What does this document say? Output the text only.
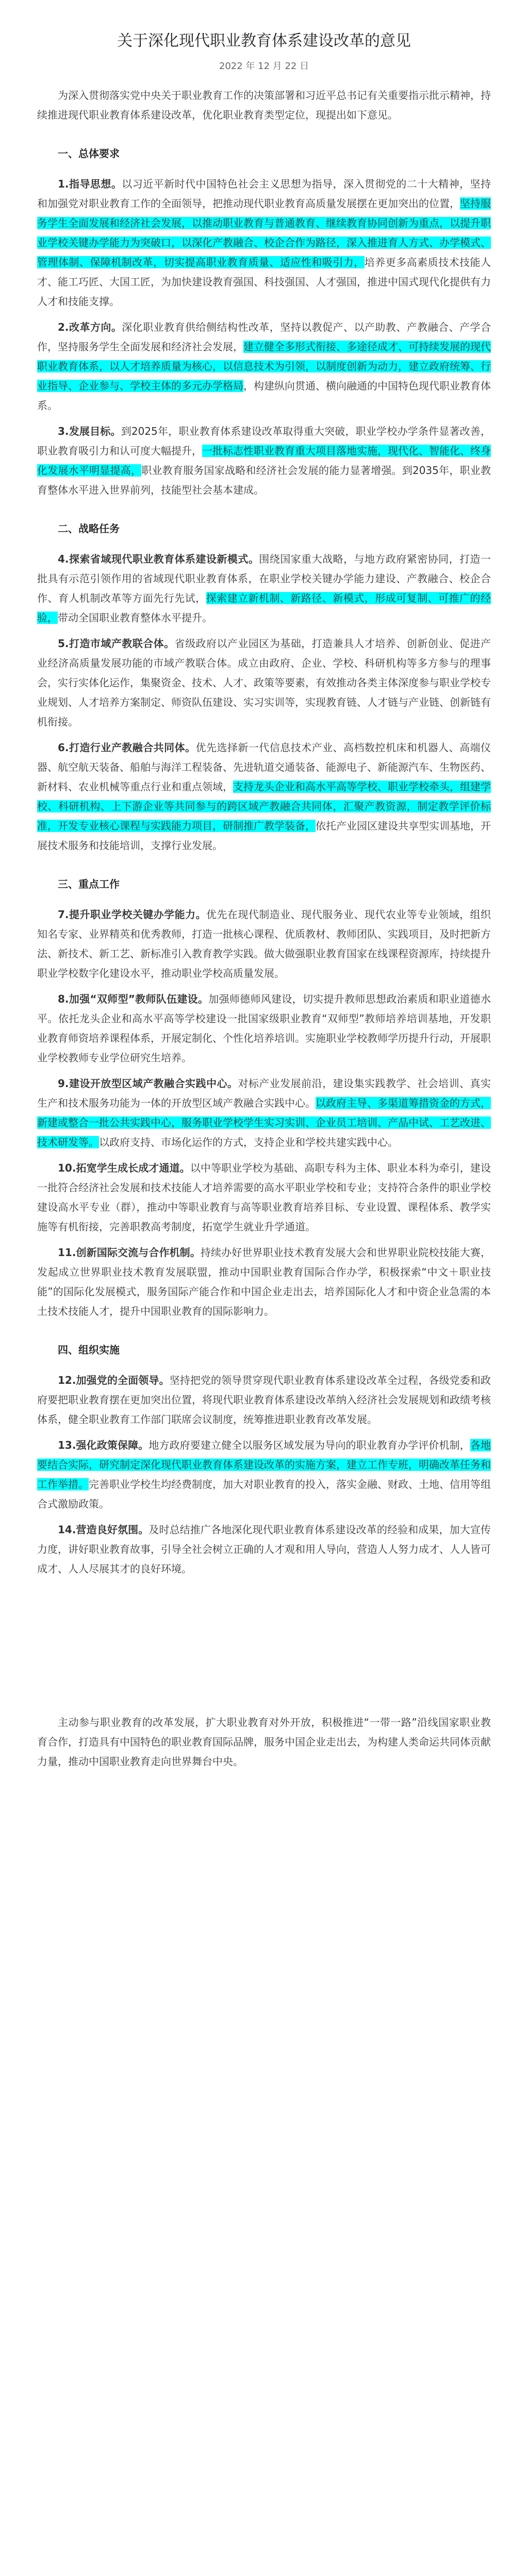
关于深化现代职业教育体系建设改革的意见
2022 年 12 月 22 日

为深入贯彻落实党中央关于职业教育工作的决策部署和习近平总书记有关重要指示批示精神，持续推进现代职业教育体系建设改革，优化职业教育类型定位，现提出如下意见。

一、总体要求

1.指导思想。以习近平新时代中国特色社会主义思想为指导，深入贯彻党的二十大精神，坚持和加强党对职业教育工作的全面领导，把推动现代职业教育高质量发展摆在更加突出的位置，坚持服务学生全面发展和经济社会发展，以推动职业教育与普通教育、继续教育协同创新为重点，以提升职业学校关键办学能力为突破口，以深化产教融合、校企合作为路径，深入推进育人方式、办学模式、管理体制、保障机制改革，切实提高职业教育质量、适应性和吸引力，培养更多高素质技术技能人才、能工巧匠、大国工匠，为加快建设教育强国、科技强国、人才强国，推进中国式现代化提供有力人才和技能支撑。

2.改革方向。深化职业教育供给侧结构性改革，坚持以教促产、以产助教、产教融合、产学合作，坚持服务学生全面发展和经济社会发展，建立健全多形式衔接、多途径成才、可持续发展的现代职业教育体系，以人才培养质量为核心，以信息技术为引领，以制度创新为动力，建立政府统筹、行业指导、企业参与、学校主体的多元办学格局，构建纵向贯通、横向融通的中国特色现代职业教育体系。

3.发展目标。到2025年，职业教育体系建设改革取得重大突破，职业学校办学条件显著改善，职业教育吸引力和认可度大幅提升，一批标志性职业教育重大项目落地实施，现代化、智能化、终身化发展水平明显提高，职业教育服务国家战略和经济社会发展的能力显著增强。到2035年，职业教育整体水平进入世界前列，技能型社会基本建成。

二、战略任务

4.探索省域现代职业教育体系建设新模式。围绕国家重大战略，与地方政府紧密协同，打造一批具有示范引领作用的省域现代职业教育体系，在职业学校关键办学能力建设、产教融合、校企合作、育人机制改革等方面先行先试，探索建立新机制、新路径、新模式，形成可复制、可推广的经验，带动全国职业教育整体水平提升。

5.打造市域产教联合体。省级政府以产业园区为基础，打造兼具人才培养、创新创业、促进产业经济高质量发展功能的市域产教联合体。成立由政府、企业、学校、科研机构等多方参与的理事会，实行实体化运作，集聚资金、技术、人才、政策等要素，有效推动各类主体深度参与职业学校专业规划、人才培养方案制定、师资队伍建设、实习实训等，实现教育链、人才链与产业链、创新链有机衔接。

6.打造行业产教融合共同体。优先选择新一代信息技术产业、高档数控机床和机器人、高端仪器、航空航天装备、船舶与海洋工程装备、先进轨道交通装备、能源电子、新能源汽车、生物医药、新材料、农业机械等重点行业和重点领域，支持龙头企业和高水平高等学校、职业学校牵头，组建学校、科研机构、上下游企业等共同参与的跨区域产教融合共同体，汇聚产教资源，制定教学评价标准，开发专业核心课程与实践能力项目，研制推广教学装备，依托产业园区建设共享型实训基地，开展技术服务和技能培训，支撑行业发展。

三、重点工作

7.提升职业学校关键办学能力。优先在现代制造业、现代服务业、现代农业等专业领域，组织知名专家、业界精英和优秀教师，打造一批核心课程、优质教材、教师团队、实践项目，及时把新方法、新技术、新工艺、新标准引入教育教学实践。做大做强职业教育国家在线课程资源库，持续提升职业学校数字化建设水平，推动职业学校高质量发展。

8.加强“双师型”教师队伍建设。加强师德师风建设，切实提升教师思想政治素质和职业道德水平。依托龙头企业和高水平高等学校建设一批国家级职业教育“双师型”教师培养培训基地，开发职业教育师资培养课程体系，开展定制化、个性化培养培训。实施职业学校教师学历提升行动，开展职业学校教师专业学位研究生培养。

9.建设开放型区域产教融合实践中心。对标产业发展前沿，建设集实践教学、社会培训、真实生产和技术服务功能为一体的开放型区域产教融合实践中心。以政府主导、多渠道筹措资金的方式，新建或整合一批公共实践中心，服务职业学校学生实习实训、企业员工培训、产品中试、工艺改进、技术研发等。以政府支持、市场化运作的方式，支持企业和学校共建实践中心。

10.拓宽学生成长成才通道。以中等职业学校为基础、高职专科为主体、职业本科为牵引，建设一批符合经济社会发展和技术技能人才培养需要的高水平职业学校和专业；支持符合条件的职业学校建设高水平专业（群），推动中等职业教育与高等职业教育培养目标、专业设置、课程体系、教学实施等有机衔接，完善职教高考制度，拓宽学生就业升学通道。

11.创新国际交流与合作机制。持续办好世界职业技术教育发展大会和世界职业院校技能大赛，发起成立世界职业技术教育发展联盟，推动中国职业教育国际合作办学，积极探索“中文＋职业技能”的国际化发展模式，服务国际产能合作和中国企业走出去，培养国际化人才和中资企业急需的本土技术技能人才，提升中国职业教育的国际影响力。

四、组织实施

12.加强党的全面领导。坚持把党的领导贯穿现代职业教育体系建设改革全过程，各级党委和政府要把职业教育摆在更加突出位置，将现代职业教育体系建设改革纳入经济社会发展规划和政绩考核体系，健全职业教育工作部门联席会议制度，统筹推进职业教育改革发展。

13.强化政策保障。地方政府要建立健全以服务区域发展为导向的职业教育办学评价机制，各地要结合实际，研究制定深化现代职业教育体系建设改革的实施方案，建立工作专班，明确改革任务和工作举措。完善职业学校生均经费制度，加大对职业教育的投入，落实金融、财政、土地、信用等组合式激励政策。

14.营造良好氛围。及时总结推广各地深化现代职业教育体系建设改革的经验和成果，加大宣传力度，讲好职业教育故事，引导全社会树立正确的人才观和用人导向，营造人人努力成才、人人皆可成才、人人尽展其才的良好环境。

主动参与职业教育的改革发展，扩大职业教育对外开放，积极推进“一带一路”沿线国家职业教育合作，打造具有中国特色的职业教育国际品牌，服务中国企业走出去，为构建人类命运共同体贡献力量，推动中国职业教育走向世界舞台中央。
